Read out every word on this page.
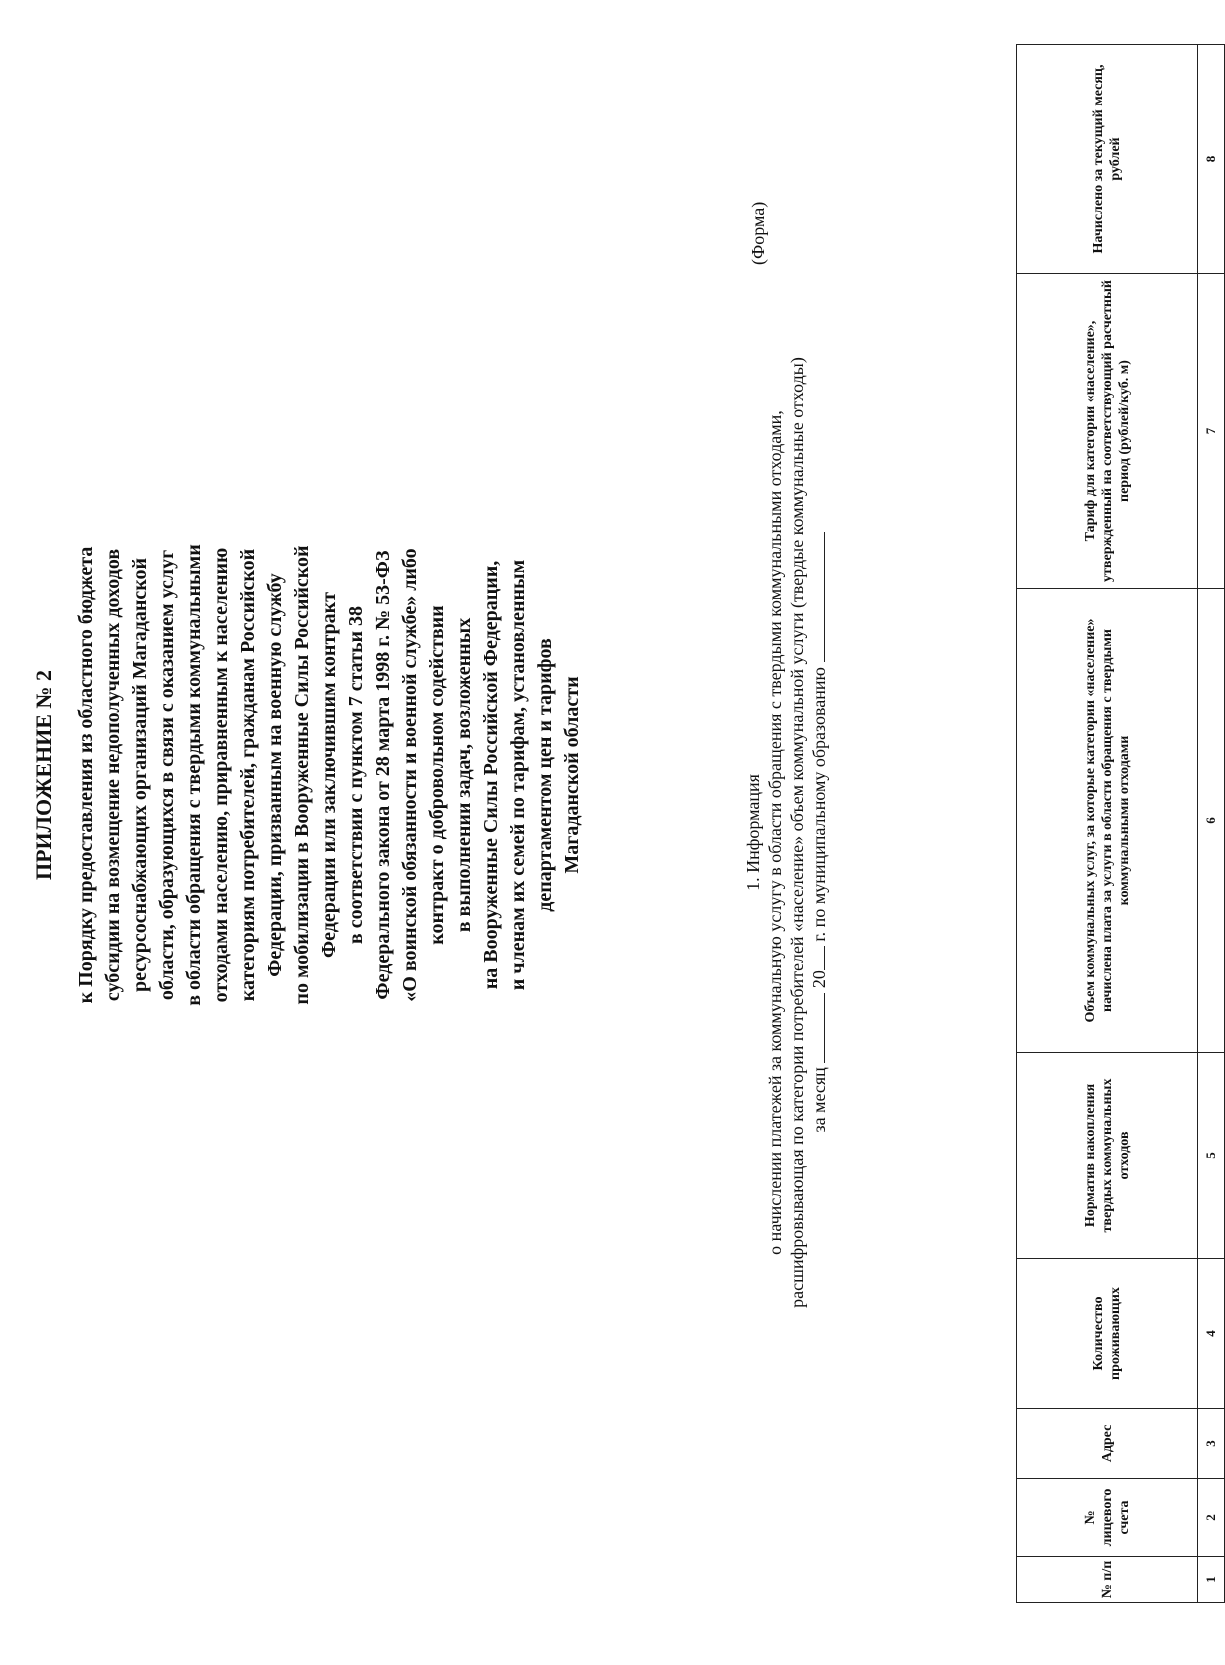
ПРИЛОЖЕНИЕ № 2 к Порядку предоставления из областного бюджета субсидии на возмещение недополученных доходов ресурсоснабжающих организаций Магаданской области, образующихся в связи с оказанием услуг в области обращения с твердыми коммунальными отходами населению, приравненным к населению категориям потребителей, гражданам Российской Федерации, призванным на военную службу по мобилизации в Вооруженные Силы Российской Федерации или заключившим контракт в соответствии с пунктом 7 статьи 38 Федерального закона от 28 марта 1998 г. № 53-ФЗ «О воинской обязанности и военной службе» либо контракт о добровольном содействии в выполнении задач, возложенных на Вооруженные Силы Российской Федерации, и членам их семей по тарифам, установленным департаментом цен и тарифов Магаданской области
(Форма)
1. Информация о начислении платежей за коммунальную услугу в области обращения с твердыми коммунальными отходами, расшифровывающая по категории потребителей «население» объем коммунальной услуги (твердые коммунальные отходы) за месяц  20 г. по муниципальному образованию
№ п/п	№ лицевого счета	Адрес	Количество проживающих	Норматив накопления твердых коммунальных отходов	Объем коммунальных услуг, за которые категории «население» начислена плата за услуги в области обращения с твердыми коммунальными отходами	Тариф для категории «население», утвержденный на соответствующий расчетный период (рублей/куб. м)	Начислено за текущий месяц, рублей
1	2	3	4	5	6	7	8
